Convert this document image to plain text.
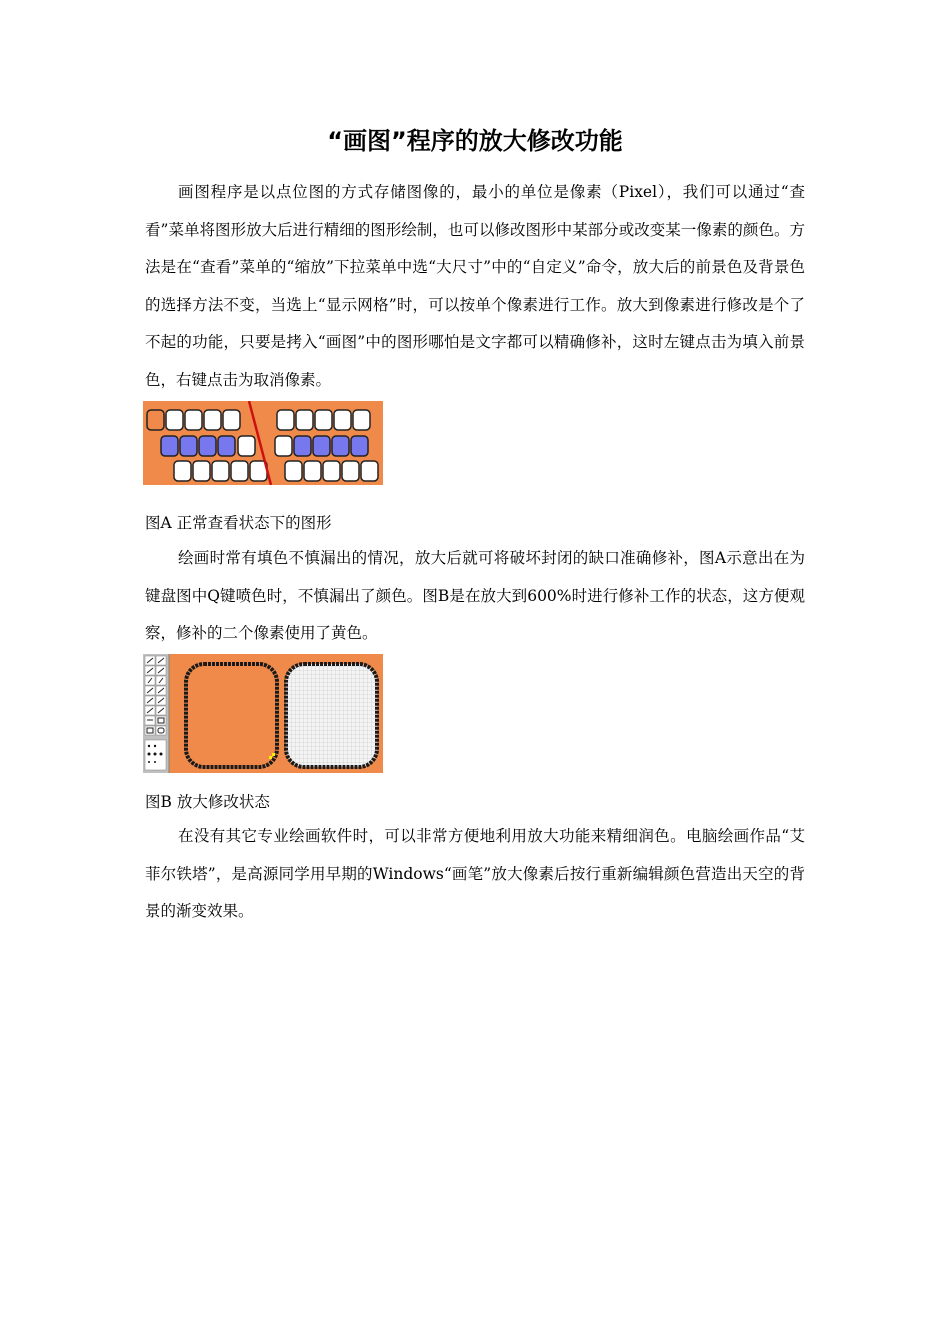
“画图”程序的放大修改功能

画图程序是以点位图的方式存储图像的，最小的单位是像素（Pixel），我们可以通过“查看”菜单将图形放大后进行精细的图形绘制，也可以修改图形中某部分或改变某一像素的颜色。方法是在“查看”菜单的“缩放”下拉菜单中选“大尺寸”中的“自定义”命令，放大后的前景色及背景色的选择方法不变，当选上“显示网格”时，可以按单个像素进行工作。放大到像素进行修改是个了不起的功能，只要是拷入“画图”中的图形哪怕是文字都可以精确修补，这时左键点击为填入前景色，右键点击为取消像素。

图A 正常查看状态下的图形

绘画时常有填色不慎漏出的情况，放大后就可将破坏封闭的缺口准确修补，图A示意出在为键盘图中Q键喷色时，不慎漏出了颜色。图B是在放大到600%时进行修补工作的状态，这方便观察，修补的二个像素使用了黄色。

图B 放大修改状态

在没有其它专业绘画软件时，可以非常方便地利用放大功能来精细润色。电脑绘画作品“艾菲尔铁塔”，是高源同学用早期的Windows“画笔”放大像素后按行重新编辑颜色营造出天空的背景的渐变效果。
